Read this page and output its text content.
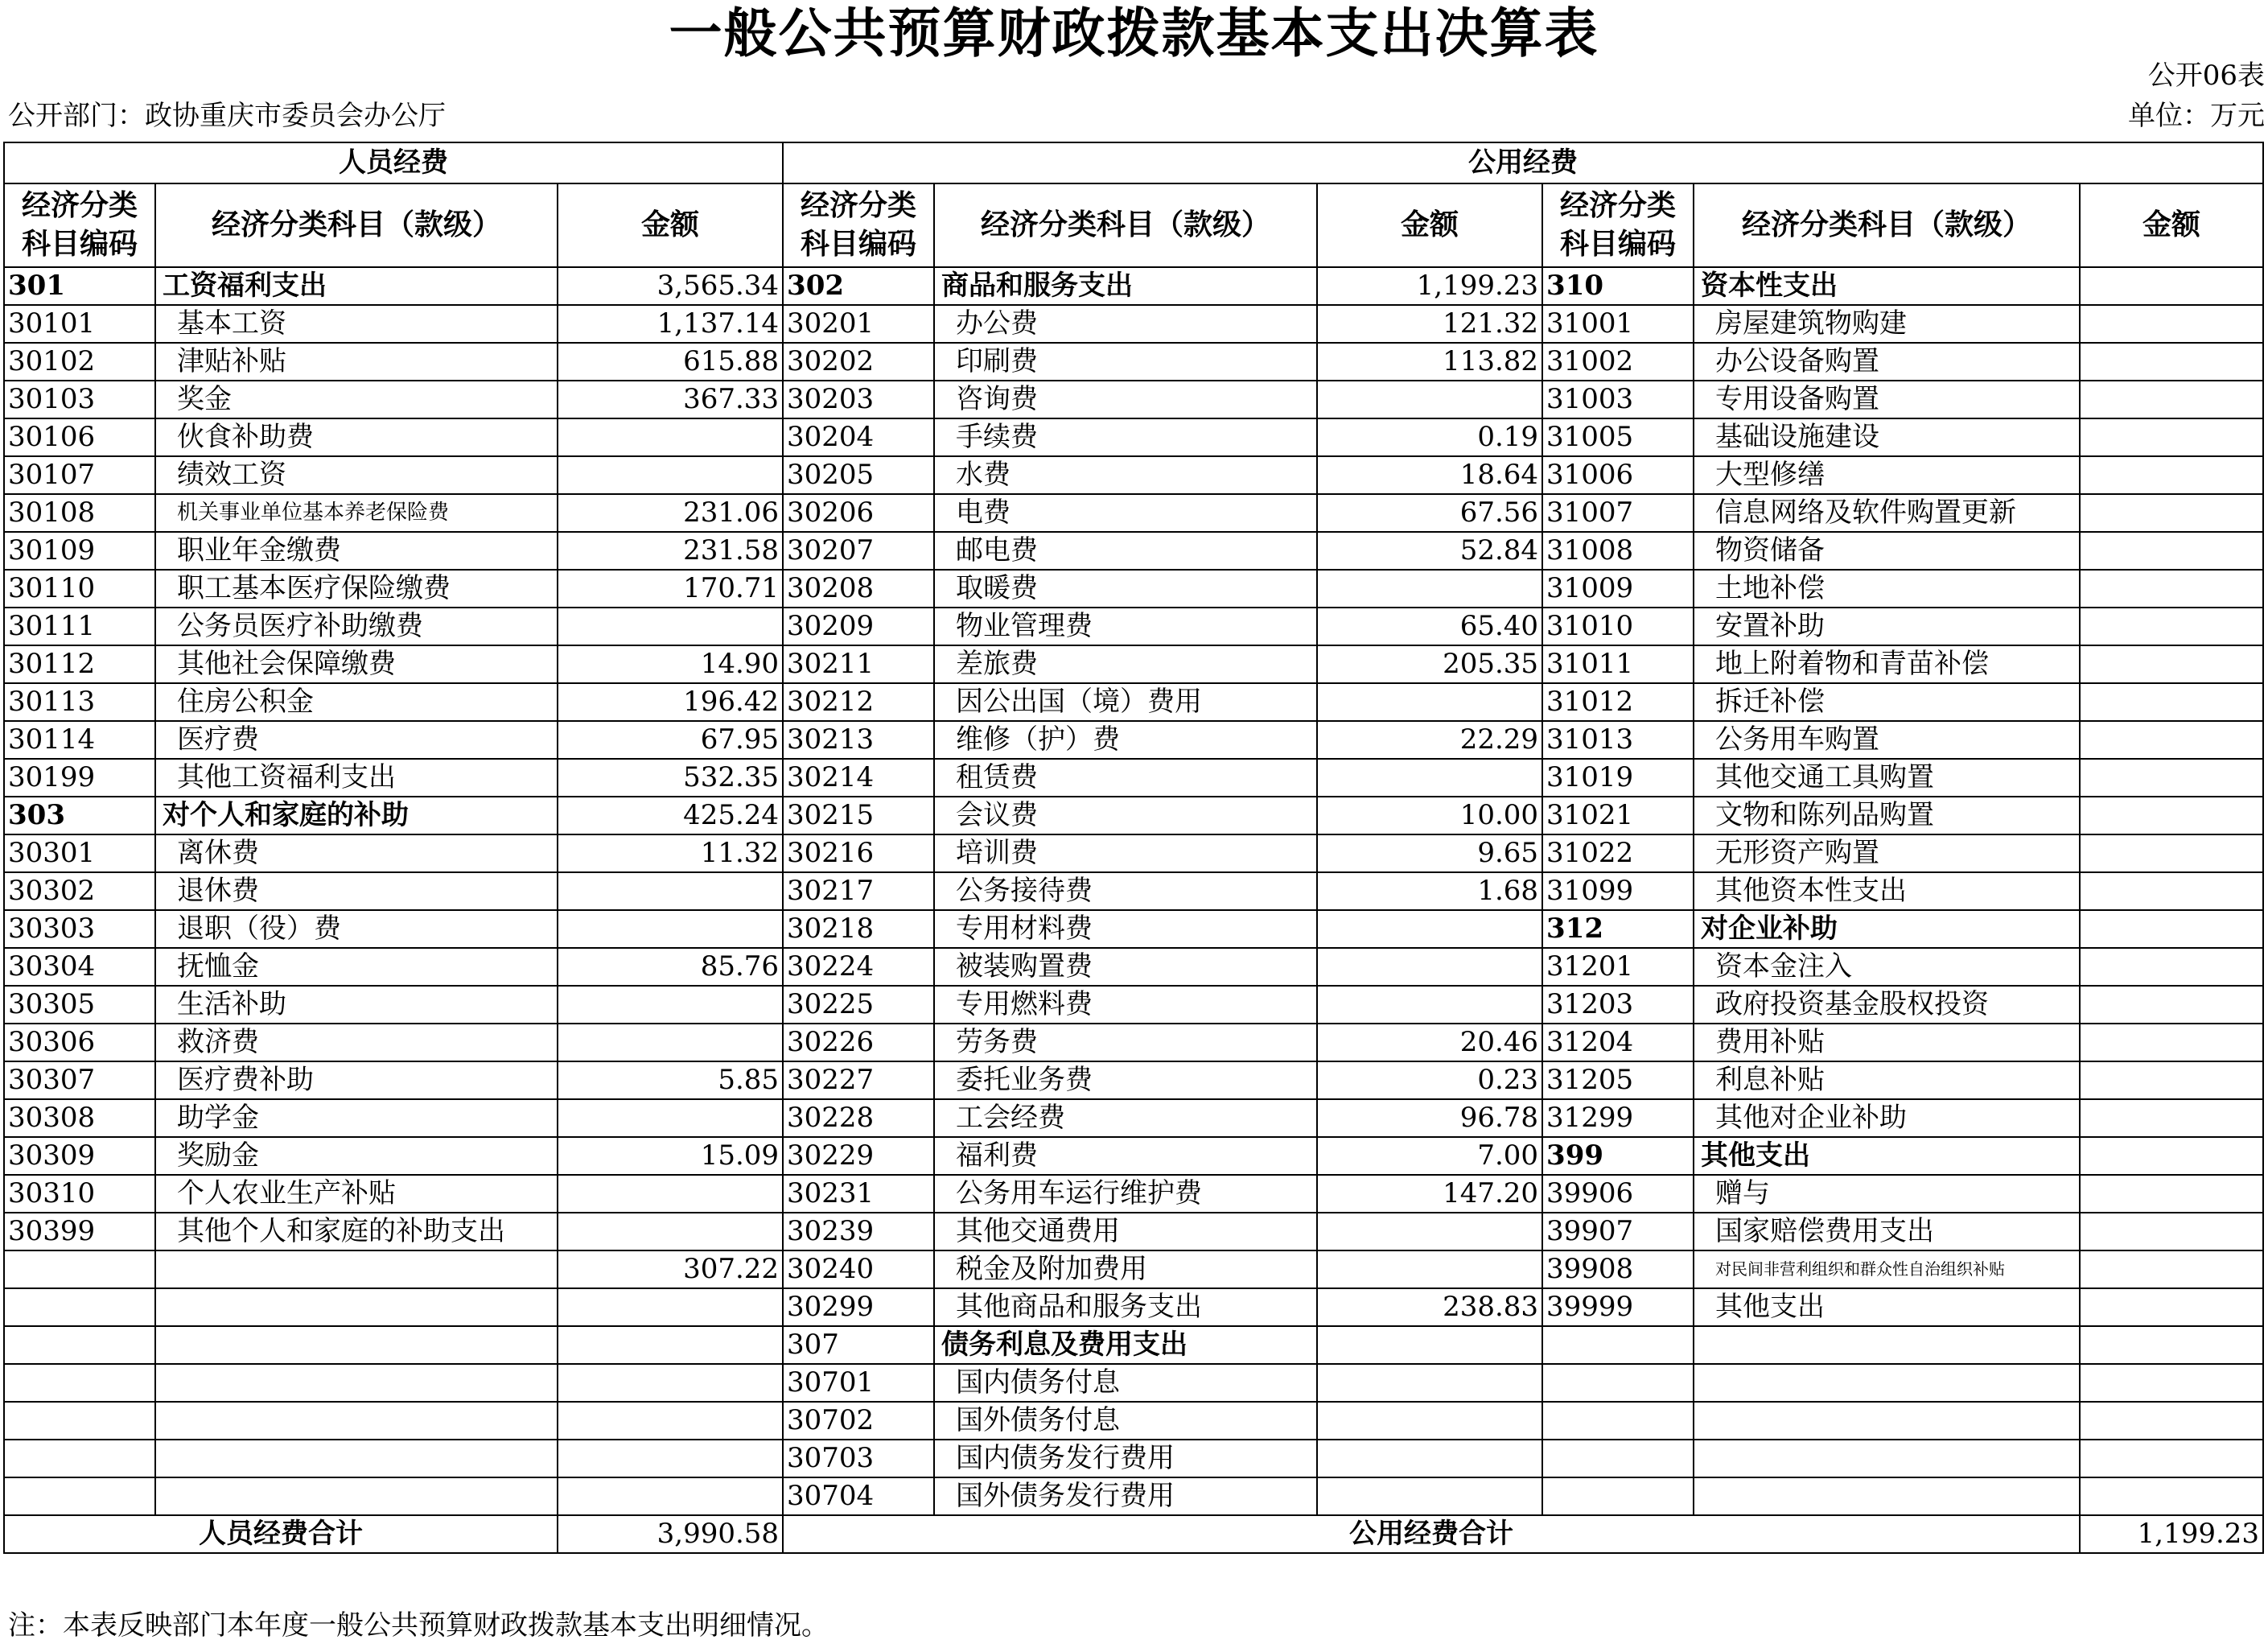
一般公共预算财政拨款基本支出决算表
公开06表
公开部门：政协重庆市委员会办公厅	单位：万元
人员经费			公用经费					
经济分类科目编码	经济分类科目（款级）	金额	经济分类科目编码	经济分类科目（款级）	金额	经济分类科目编码	经济分类科目（款级）	金额
301	工资福利支出	3,565.34	302	商品和服务支出	1,199.23	310	资本性支出	
30101	基本工资	1,137.14	30201	办公费	121.32	31001	房屋建筑物购建	
30102	津贴补贴	615.88	30202	印刷费	113.82	31002	办公设备购置	
30103	奖金	367.33	30203	咨询费		31003	专用设备购置	
30106	伙食补助费		30204	手续费	0.19	31005	基础设施建设	
30107	绩效工资		30205	水费	18.64	31006	大型修缮	
30108	机关事业单位基本养老保险费	231.06	30206	电费	67.56	31007	信息网络及软件购置更新	
30109	职业年金缴费	231.58	30207	邮电费	52.84	31008	物资储备	
30110	职工基本医疗保险缴费	170.71	30208	取暖费		31009	土地补偿	
30111	公务员医疗补助缴费		30209	物业管理费	65.40	31010	安置补助	
30112	其他社会保障缴费	14.90	30211	差旅费	205.35	31011	地上附着物和青苗补偿	
30113	住房公积金	196.42	30212	因公出国（境）费用		31012	拆迁补偿	
30114	医疗费	67.95	30213	维修（护）费	22.29	31013	公务用车购置	
30199	其他工资福利支出	532.35	30214	租赁费		31019	其他交通工具购置	
303	对个人和家庭的补助	425.24	30215	会议费	10.00	31021	文物和陈列品购置	
30301	离休费	11.32	30216	培训费	9.65	31022	无形资产购置	
30302	退休费		30217	公务接待费	1.68	31099	其他资本性支出	
30303	退职（役）费		30218	专用材料费		312	对企业补助	
30304	抚恤金	85.76	30224	被装购置费		31201	资本金注入	
30305	生活补助		30225	专用燃料费		31203	政府投资基金股权投资	
30306	救济费		30226	劳务费	20.46	31204	费用补贴	
30307	医疗费补助	5.85	30227	委托业务费	0.23	31205	利息补贴	
30308	助学金		30228	工会经费	96.78	31299	其他对企业补助	
30309	奖励金	15.09	30229	福利费	7.00	399	其他支出	
30310	个人农业生产补贴		30231	公务用车运行维护费	147.20	39906	赠与	
30399	其他个人和家庭的补助支出		30239	其他交通费用		39907	国家赔偿费用支出	
		307.22	30240	税金及附加费用		39908	对民间非营利组织和群众性自治组织补贴	
			30299	其他商品和服务支出	238.83	39999	其他支出	
			307	债务利息及费用支出				
			30701	国内债务付息				
			30702	国外债务付息				
			30703	国内债务发行费用				
			30704	国外债务发行费用				
人员经费合计		3,990.58	公用经费合计					1,199.23
注：本表反映部门本年度一般公共预算财政拨款基本支出明细情况。
